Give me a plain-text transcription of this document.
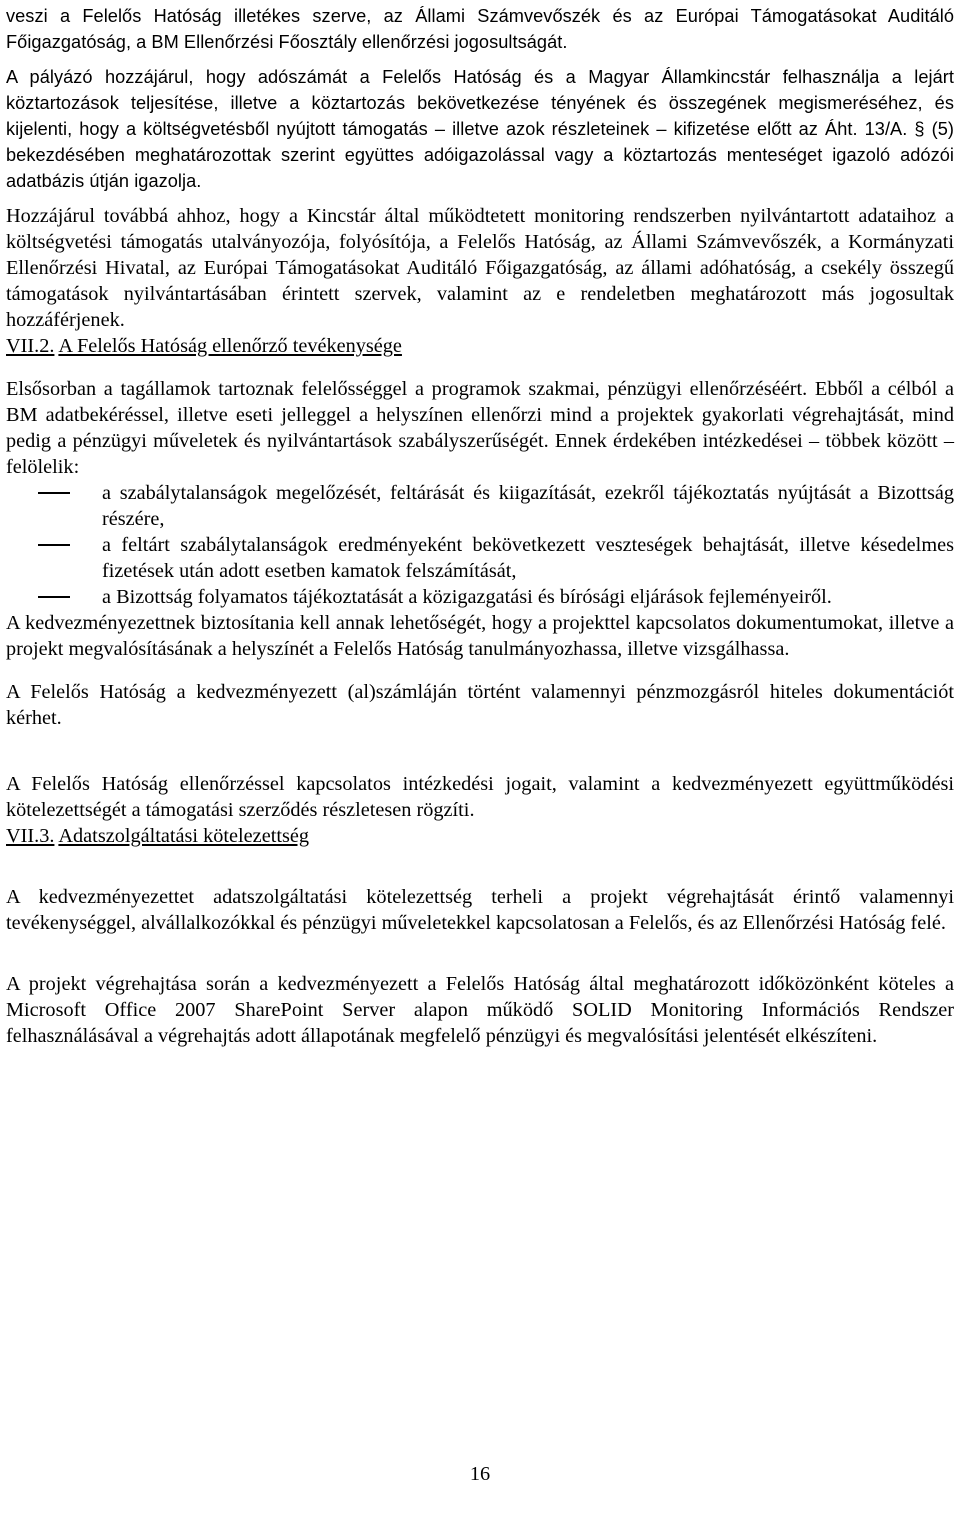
veszi a Felelős Hatóság illetékes szerve, az Állami Számvevőszék és az Európai Támogatásokat Auditáló Főigazgatóság, a BM Ellenőrzési Főosztály ellenőrzési jogosultságát.

A pályázó hozzájárul, hogy adószámát a Felelős Hatóság és a Magyar Államkincstár felhasználja a lejárt köztartozások teljesítése, illetve a köztartozás bekövetkezése tényének és összegének megismeréséhez, és kijelenti, hogy a költségvetésből nyújtott támogatás – illetve azok részleteinek – kifizetése előtt az Áht. 13/A. § (5) bekezdésében meghatározottak szerint együttes adóigazolással vagy a köztartozás menteséget igazoló adózói adatbázis útján igazolja.

Hozzájárul továbbá ahhoz, hogy a Kincstár által működtetett monitoring rendszerben nyilvántartott adataihoz a költségvetési támogatás utalványozója, folyósítója, a Felelős Hatóság, az Állami Számvevőszék, a Kormányzati Ellenőrzési Hivatal, az Európai Támogatásokat Auditáló Főigazgatóság, az állami adóhatóság, a csekély összegű támogatások nyilvántartásában érintett szervek, valamint az e rendeletben meghatározott más jogosultak hozzáférjenek.

VII.2. A Felelős Hatóság ellenőrző tevékenysége

Elsősorban a tagállamok tartoznak felelősséggel a programok szakmai, pénzügyi ellenőrzéséért. Ebből a célból a BM adatbekéréssel, illetve eseti jelleggel a helyszínen ellenőrzi mind a projektek gyakorlati végrehajtását, mind pedig a pénzügyi műveletek és nyilvántartások szabályszerűségét. Ennek érdekében intézkedései – többek között – felölelik:

a szabálytalanságok megelőzését, feltárását és kiigazítását, ezekről tájékoztatás nyújtását a Bizottság részére,
a feltárt szabálytalanságok eredményeként bekövetkezett veszteségek behajtását, illetve késedelmes fizetések után adott esetben kamatok felszámítását,
a Bizottság folyamatos tájékoztatását a közigazgatási és bírósági eljárások fejleményeiről.

A kedvezményezettnek biztosítania kell annak lehetőségét, hogy a projekttel kapcsolatos dokumentumokat, illetve a projekt megvalósításának a helyszínét a Felelős Hatóság tanulmányozhassa, illetve vizsgálhassa.

A Felelős Hatóság a kedvezményezett (al)számláján történt valamennyi pénzmozgásról hiteles dokumentációt kérhet.

A Felelős Hatóság ellenőrzéssel kapcsolatos intézkedési jogait, valamint a kedvezményezett együttműködési kötelezettségét a támogatási szerződés részletesen rögzíti.

VII.3. Adatszolgáltatási kötelezettség

A kedvezményezettet adatszolgáltatási kötelezettség terheli a projekt végrehajtását érintő valamennyi tevékenységgel, alvállalkozókkal és pénzügyi műveletekkel kapcsolatosan a Felelős, és az Ellenőrzési Hatóság felé.

A projekt végrehajtása során a kedvezményezett a Felelős Hatóság által meghatározott időközönként köteles a Microsoft Office 2007 SharePoint Server alapon működő SOLID Monitoring Információs Rendszer felhasználásával a végrehajtás adott állapotának megfelelő pénzügyi és megvalósítási jelentését elkészíteni.

16
